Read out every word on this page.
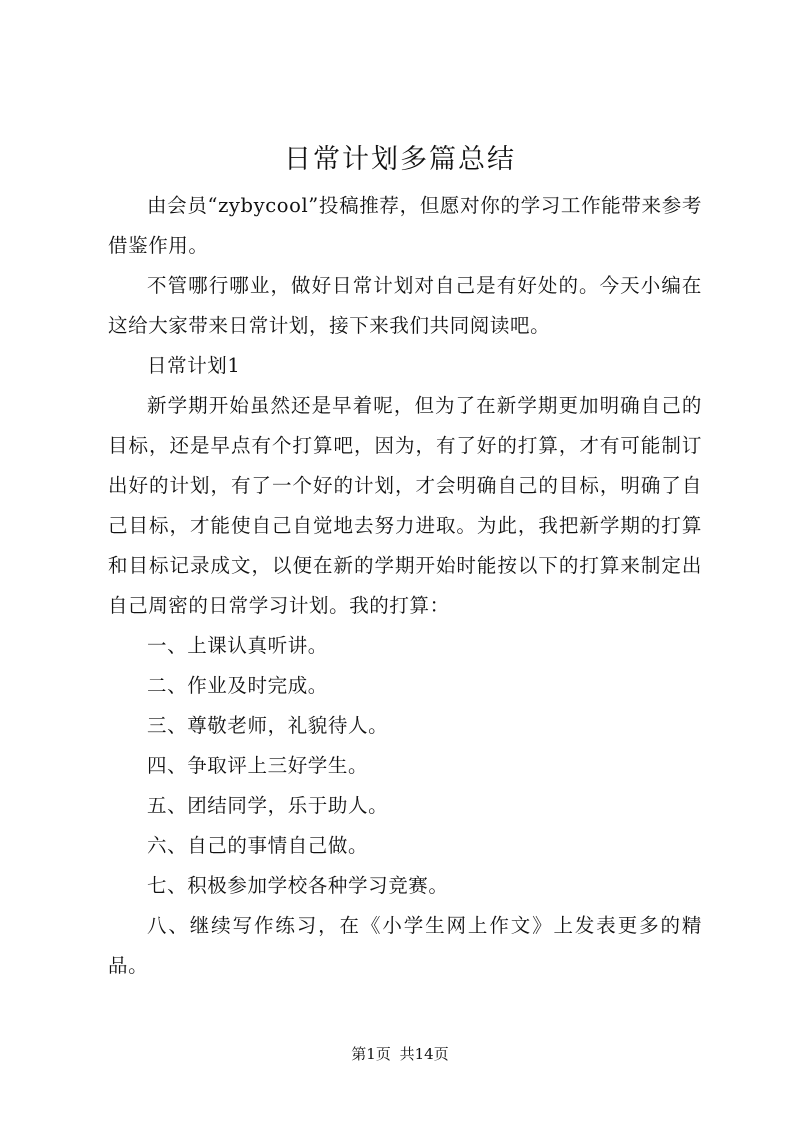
日常计划多篇总结

由会员“zybycool”投稿推荐，但愿对你的学习工作能带来参考借鉴作用。

不管哪行哪业，做好日常计划对自己是有好处的。今天小编在这给大家带来日常计划，接下来我们共同阅读吧。

日常计划1

新学期开始虽然还是早着呢，但为了在新学期更加明确自己的目标，还是早点有个打算吧，因为，有了好的打算，才有可能制订出好的计划，有了一个好的计划，才会明确自己的目标，明确了自己目标，才能使自己自觉地去努力进取。为此，我把新学期的打算和目标记录成文，以便在新的学期开始时能按以下的打算来制定出自己周密的日常学习计划。我的打算：

一、上课认真听讲。

二、作业及时完成。

三、尊敬老师，礼貌待人。

四、争取评上三好学生。

五、团结同学，乐于助人。

六、自己的事情自己做。

七、积极参加学校各种学习竞赛。

八、继续写作练习，在《小学生网上作文》上发表更多的精品。

第1页 共14页
